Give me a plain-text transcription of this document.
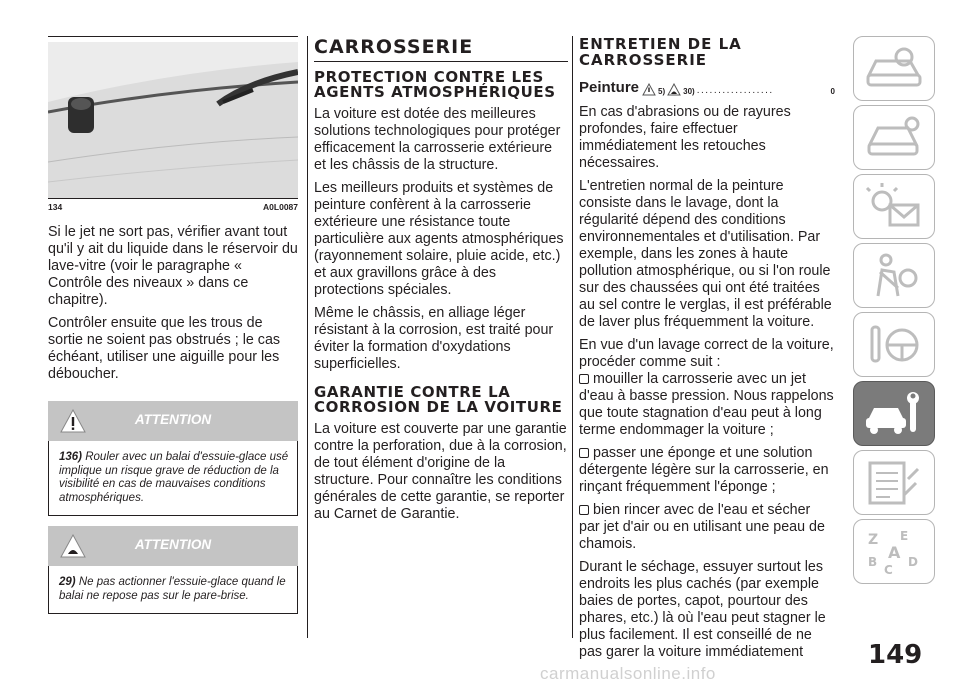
134	A0L0087

Si le jet ne sort pas, vérifier avant tout qu'il y ait du liquide dans le réservoir du lave-vitre (voir le paragraphe « Contrôle des niveaux » dans ce chapitre).

Contrôler ensuite que les trous de sortie ne soient pas obstrués ; le cas échéant, utiliser une aiguille pour les déboucher.

ATTENTION
136) Rouler avec un balai d'essuie-glace usé implique un risque grave de réduction de la visibilité en cas de mauvaises conditions atmosphériques.
ATTENTION
29) Ne pas actionner l'essuie-glace quand le balai ne repose pas sur le pare-brise.
CARROSSERIE
PROTECTION CONTRE LES AGENTS ATMOSPHÉRIQUES

La voiture est dotée des meilleures solutions technologiques pour protéger efficacement la carrosserie extérieure et les châssis de la structure.

Les meilleurs produits et systèmes de peinture confèrent à la carrosserie extérieure une résistance toute particulière aux agents atmosphériques (rayonnement solaire, pluie acide, etc.) et aux gravillons grâce à des protections spéciales.

Même le châssis, en alliage léger résistant à la corrosion, est traité pour éviter la formation d'oxydations superficielles.

GARANTIE CONTRE LA CORROSION DE LA VOITURE

La voiture est couverte par une garantie contre la perforation, due à la corrosion, de tout élément d'origine de la structure. Pour connaître les conditions générales de cette garantie, se reporter au Carnet de Garantie.

ENTRETIEN DE LA CARROSSERIE
Peinture 5) 30) ..................	0

En cas d'abrasions ou de rayures profondes, faire effectuer immédiatement les retouches nécessaires.

L'entretien normal de la peinture consiste dans le lavage, dont la régularité dépend des conditions environnementales et d'utilisation. Par exemple, dans les zones à haute pollution atmosphérique, ou si l'on roule sur des chaussées qui ont été traitées au sel contre le verglas, il est préférable de laver plus fréquemment la voiture.

En vue d'un lavage correct de la voiture, procéder comme suit :

mouiller la carrosserie avec un jet

d'eau à basse pression. Nous rappelons que toute stagnation d'eau peut à long terme endommager la voiture ;

passer une éponge et une solution

détergente légère sur la carrosserie, en rinçant fréquemment l'éponge ;

bien rincer avec de l'eau et sécher

par jet d'air ou en utilisant une peau de chamois.

Durant le séchage, essuyer surtout les endroits les plus cachés (par exemple baies de portes, capot, pourtour des phares, etc.) là où l'eau peut stagner le plus facilement. Il est conseillé de ne pas garer la voiture immédiatement

Z E
A
B	D
C
149
carmanualsonline.info
